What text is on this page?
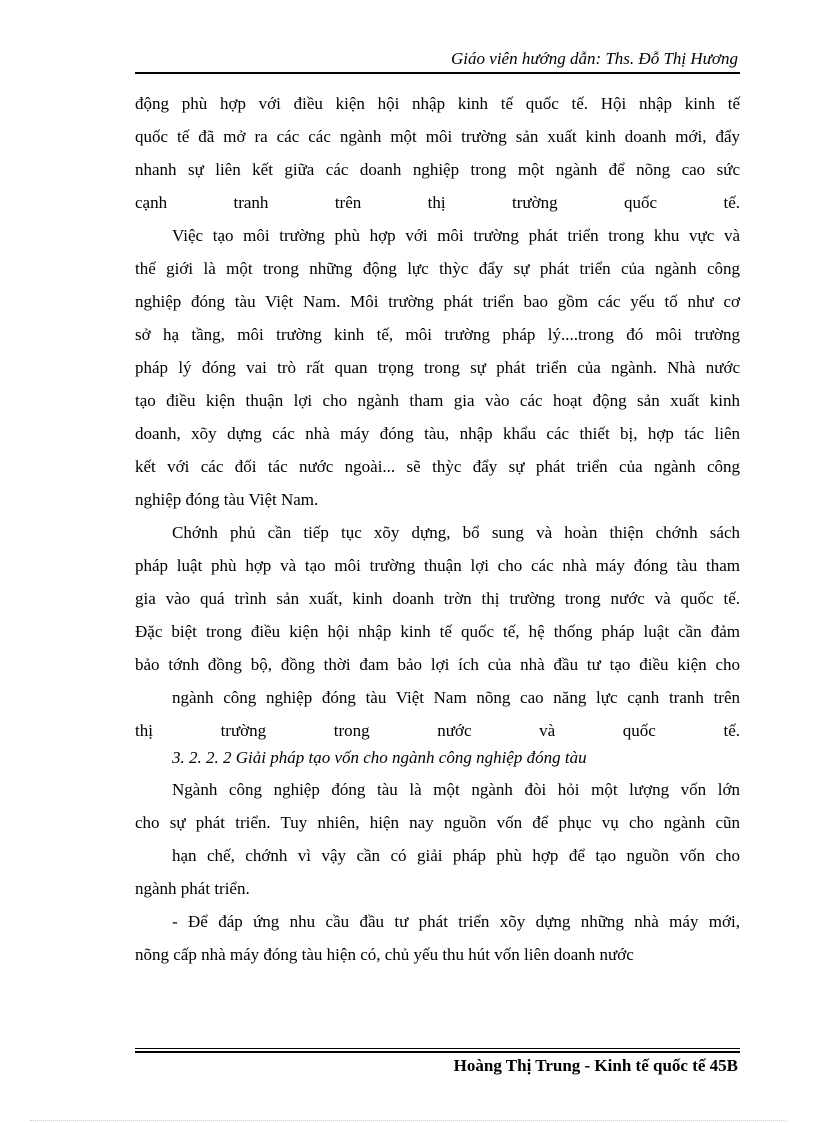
Giáo viên hướng dẫn: Ths. Đỗ Thị Hương
động phù hợp với điều kiện hội nhập kinh tế quốc tế. Hội nhập kinh tế
quốc tế đã mở ra các các ngành một môi trường sản xuất kinh doanh mới, đẩy
nhanh sự liên kết giữa các doanh nghiệp trong một ngành để nõng cao sức
cạnh tranh trên thị trường quốc tế.
Việc tạo môi trường phù hợp với môi trường phát triển trong khu vực và
thế giới là một trong những động lực thỳc đẩy sự phát triển của ngành công
nghiệp đóng tàu Việt Nam. Môi trường phát triển bao gồm các yếu tố như cơ
sở hạ tầng, môi trường kinh tế, môi trường pháp lý....trong đó môi trường
pháp lý đóng vai trò rất quan trọng trong sự phát triển của ngành. Nhà nước
tạo điều kiện thuận lợi cho ngành tham gia vào các hoạt động sản xuất kinh
doanh, xõy dựng các nhà máy đóng tàu, nhập khẩu các thiết bị, hợp tác liên
kết với các đối tác nước ngoài... sẽ thỳc đẩy sự phát triển của ngành công
nghiệp đóng tàu Việt Nam.
Chớnh phủ cần tiếp tục xõy dựng, bổ sung và hoàn thiện chớnh sách
pháp luật phù hợp và tạo môi trường thuận lợi cho các nhà máy đóng tàu tham
gia vào quá trình sản xuất, kinh doanh trờn thị trường trong nước và quốc tế.
Đặc biệt trong điều kiện hội nhập kinh tế quốc tế, hệ thống pháp luật cần đảm
bảo tớnh đồng bộ, đồng thời đam bảo lợi ích của nhà đầu tư tạo điều kiện cho
ngành công nghiệp đóng tàu Việt Nam nõng cao năng lực cạnh tranh trên
thị trường trong nước và quốc tế.
3. 2. 2. 2 Giải pháp tạo vốn cho ngành công nghiệp đóng tàu
Ngành công nghiệp đóng tàu là một ngành đòi hỏi một lượng vốn lớn
cho sự phát triển. Tuy nhiên, hiện nay nguồn vốn để phục vụ cho ngành cũn
hạn chế, chớnh vì vậy cần có giải pháp phù hợp để tạo nguồn vốn cho
ngành phát triển.
- Để đáp ứng nhu cầu đầu tư phát triển xõy dựng những nhà máy mới,
nõng cấp nhà máy đóng tàu hiện có, chủ yếu thu hút vốn liên doanh nước
Hoàng Thị Trung - Kinh tế quốc tế 45B
